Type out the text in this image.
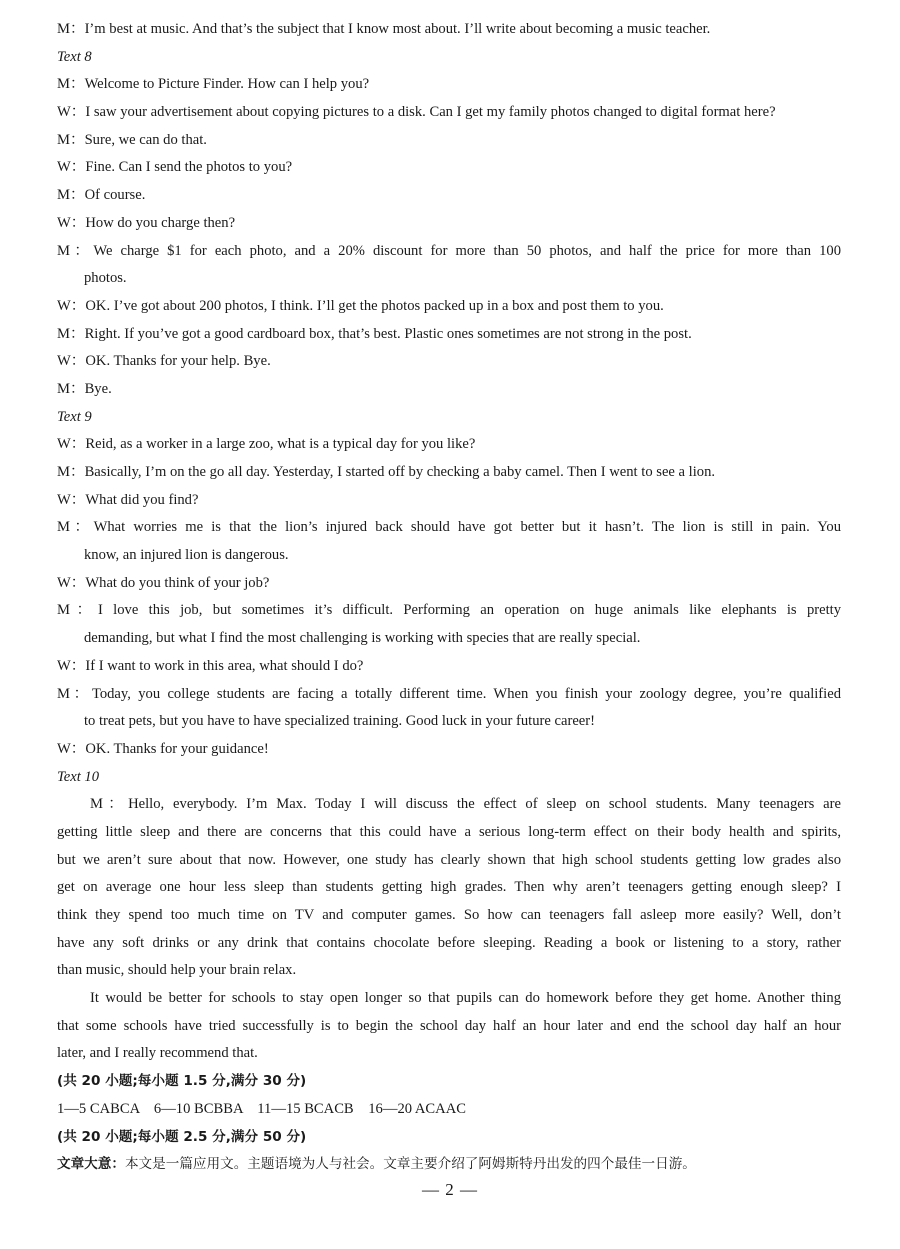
M：I’m best at music. And that’s the subject that I know most about. I’ll write about becoming a music teacher.
Text 8
M：Welcome to Picture Finder. How can I help you?
W：I saw your advertisement about copying pictures to a disk. Can I get my family photos changed to digital format here?
M：Sure, we can do that.
W：Fine. Can I send the photos to you?
M：Of course.
W：How do you charge then?
M：We charge $1 for each photo, and a 20% discount for more than 50 photos, and half the price for more than 100
photos.
W：OK. I’ve got about 200 photos, I think. I’ll get the photos packed up in a box and post them to you.
M：Right. If you’ve got a good cardboard box, that’s best. Plastic ones sometimes are not strong in the post.
W：OK. Thanks for your help. Bye.
M：Bye.
Text 9
W：Reid, as a worker in a large zoo, what is a typical day for you like?
M：Basically, I’m on the go all day. Yesterday, I started off by checking a baby camel. Then I went to see a lion.
W：What did you find?
M：What worries me is that the lion’s injured back should have got better but it hasn’t. The lion is still in pain. You
know, an injured lion is dangerous.
W：What do you think of your job?
M：I love this job, but sometimes it’s difficult. Performing an operation on huge animals like elephants is pretty
demanding, but what I find the most challenging is working with species that are really special.
W：If I want to work in this area, what should I do?
M：Today, you college students are facing a totally different time. When you finish your zoology degree, you’re qualified
to treat pets, but you have to have specialized training. Good luck in your future career!
W：OK. Thanks for your guidance!
Text 10
M：Hello, everybody. I’m Max. Today I will discuss the effect of sleep on school students. Many teenagers are
getting little sleep and there are concerns that this could have a serious long-term effect on their body health and spirits,
but we aren’t sure about that now. However, one study has clearly shown that high school students getting low grades also
get on average one hour less sleep than students getting high grades. Then why aren’t teenagers getting enough sleep? I
think they spend too much time on TV and computer games. So how can teenagers fall asleep more easily? Well, don’t
have any soft drinks or any drink that contains chocolate before sleeping. Reading a book or listening to a story, rather
than music, should help your brain relax.
It would be better for schools to stay open longer so that pupils can do homework before they get home. Another thing
that some schools have tried successfully is to begin the school day half an hour later and end the school day half an hour
later, and I really recommend that.
(共 20 小题;每小题 1.5 分,满分 30 分)
1—5 CABCA　6—10 BCBBA　11—15 BCACB　16—20 ACAAC
(共 20 小题;每小题 2.5 分,满分 50 分)
文章大意：本文是一篇应用文。主题语境为人与社会。文章主要介绍了阿姆斯特丹出发的四个最佳一日游。
— 2 —
